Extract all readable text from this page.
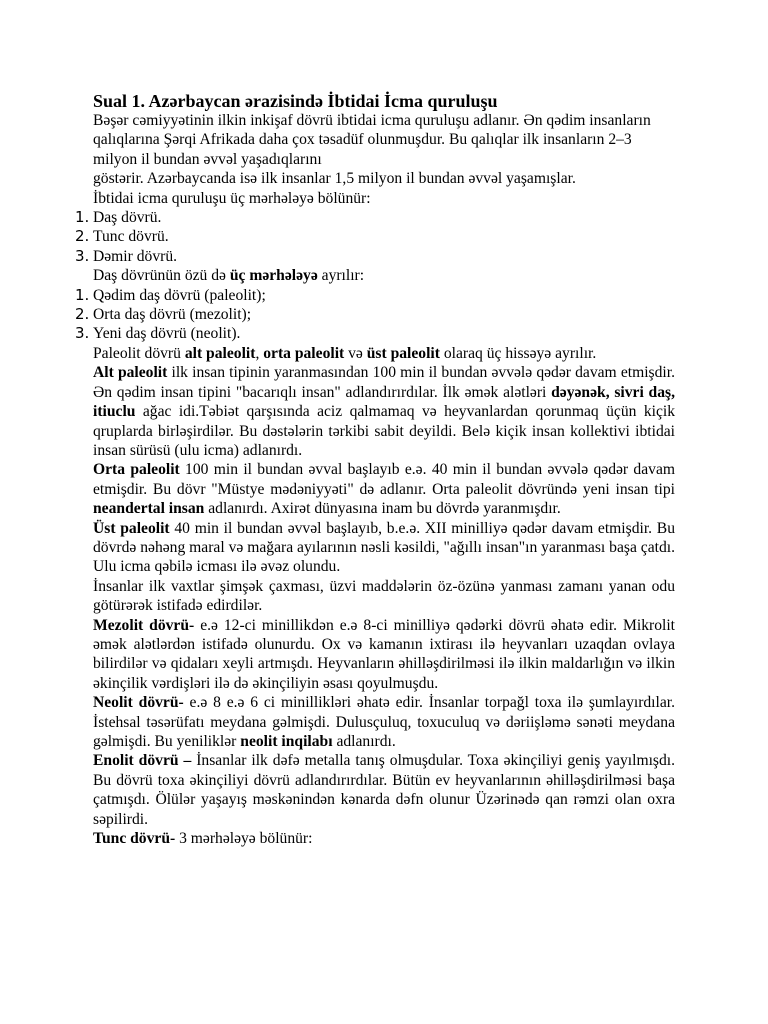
Sual 1. Azərbaycan ərazisində İbtidai İcma quruluşu

Bəşər cəmiyyətinin ilkin inkişaf dövrü ibtidai icma quruluşu adlanır. Ən qədim insanların qalıqlarına Şərqi Afrikada daha çox təsadüf olunmuşdur. Bu qalıqlar ilk insanların 2–3 milyon il bundan əvvəl yaşadıqlarını
göstərir. Azərbaycanda isə ilk insanlar 1,5 milyon il bundan əvvəl yaşamışlar.
İbtidai icma quruluşu üç mərhələyə bölünür:

1. Daş dövrü.
2. Tunc dövrü.
3. Dəmir dövrü.

Daş dövrünün özü də üç mərhələyə ayrılır:

1. Qədim daş dövrü (paleolit);
2. Orta daş dövrü (mezolit);
3. Yeni daş dövrü (neolit).

Paleolit dövrü alt paleolit, orta paleolit və üst paleolit olaraq üç hissəyə ayrılır.

Alt paleolit ilk insan tipinin yaranmasından 100 min il bundan əvvələ qədər davam etmişdir. Ən qədim insan tipini "bacarıqlı insan" adlandırırdılar. İlk əmək alətləri dəyənək, sivri daş, itiuclu ağac idi.Təbiət qarşısında aciz qalmamaq və heyvanlardan qorunmaq üçün kiçik qruplarda birləşirdilər. Bu dəstələrin tərkibi sabit deyildi. Belə kiçik insan kollektivi ibtidai insan sürüsü (ulu icma) adlanırdı.

Orta paleolit 100 min il bundan əvval başlayıb e.ə. 40 min il bundan əvvələ qədər davam etmişdir. Bu dövr "Müstye mədəniyyəti" də adlanır. Orta paleolit dövründə yeni insan tipi neandertal insan adlanırdı. Axirət dünyasına inam bu dövrdə yaranmışdır.

Üst paleolit 40 min il bundan əvvəl başlayıb, b.e.ə. XII minilliyə qədər davam etmişdir. Bu dövrdə nəhəng maral və mağara ayılarının nəsli kəsildi, "ağıllı insan"ın yaranması başa çatdı. Ulu icma qəbilə icması ilə əvəz olundu.

İnsanlar ilk vaxtlar şimşək çaxması, üzvi maddələrin öz-özünə yanması zamanı yanan odu götürərək istifadə edirdilər.

Mezolit dövrü- e.ə 12-ci minillikdən e.ə 8-ci minilliyə qədərki dövrü əhatə edir. Mikrolit əmək alətlərdən istifadə olunurdu. Ox və kamanın ixtirası ilə heyvanları uzaqdan ovlaya bilirdilər və qidaları xeyli artmışdı. Heyvanların əhilləşdirilməsi ilə ilkin maldarlığın və ilkin əkinçilik vərdişləri ilə də əkinçiliyin əsası qoyulmuşdu.

Neolit dövrü- e.ə 8 e.ə 6 ci minillikləri əhatə edir. İnsanlar torpağl toxa ilə şumlayırdılar. İstehsal təsərüfatı meydana gəlmişdi. Dulusçuluq, toxuculuq və dəriişləmə sənəti meydana gəlmişdi. Bu yeniliklər neolit inqilabı adlanırdı.

Enolit dövrü – İnsanlar ilk dəfə metalla tanış olmuşdular. Toxa əkinçiliyi geniş yayılmışdı. Bu dövrü toxa əkinçiliyi dövrü adlandırırdılar. Bütün ev heyvanlarının əhilləşdirilməsi başa çatmışdı. Ölülər yaşayış məskənindən kənarda dəfn olunur Üzərinədə qan rəmzi olan oxra səpilirdi.

Tunc dövrü- 3 mərhələyə bölünür:
